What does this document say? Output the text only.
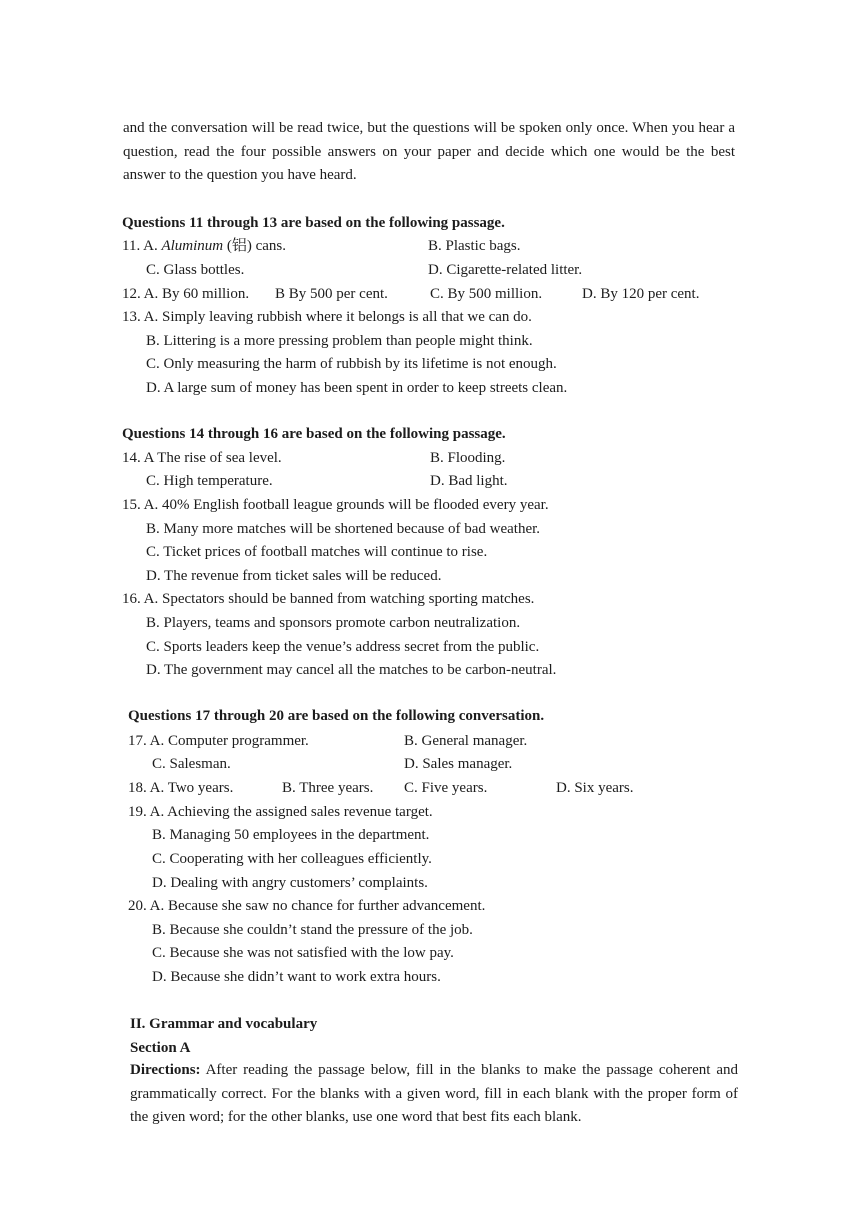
and the conversation will be read twice, but the questions will be spoken only once. When you hear a question, read the four possible answers on your paper and decide which one would be the best answer to the question you have heard.

Questions 11 through 13 are based on the following passage.
11. A. Aluminum (铝) cans.	B. Plastic bags.
C. Glass bottles.	D. Cigarette-related litter.
12. A. By 60 million. B By 500 per cent.	C. By 500 million.	D. By 120 per cent.
13. A. Simply leaving rubbish where it belongs is all that we can do.
B. Littering is a more pressing problem than people might think.
C. Only measuring the harm of rubbish by its lifetime is not enough.
D. A large sum of money has been spent in order to keep streets clean.
Questions 14 through 16 are based on the following passage.
14. A The rise of sea level.	B. Flooding.
C. High temperature.	D. Bad light.
15. A. 40% English football league grounds will be flooded every year.
B. Many more matches will be shortened because of bad weather.
C. Ticket prices of football matches will continue to rise.
D. The revenue from ticket sales will be reduced.
16. A. Spectators should be banned from watching sporting matches.
B. Players, teams and sponsors promote carbon neutralization.
C. Sports leaders keep the venue’s address secret from the public.
D. The government may cancel all the matches to be carbon-neutral.
Questions 17 through 20 are based on the following conversation.
17. A. Computer programmer.	B. General manager.
C. Salesman.	D. Sales manager.
18. A. Two years.	B. Three years. C. Five years.	D. Six years.
19. A. Achieving the assigned sales revenue target.
B. Managing 50 employees in the department.
C. Cooperating with her colleagues efficiently.
D. Dealing with angry customers’ complaints.
20. A. Because she saw no chance for further advancement.
B. Because she couldn’t stand the pressure of the job.
C. Because she was not satisfied with the low pay.
D. Because she didn’t want to work extra hours.
II. Grammar and vocabulary
Section A

Directions: After reading the passage below, fill in the blanks to make the passage coherent and grammatically correct. For the blanks with a given word, fill in each blank with the proper form of the given word; for the other blanks, use one word that best fits each blank.
